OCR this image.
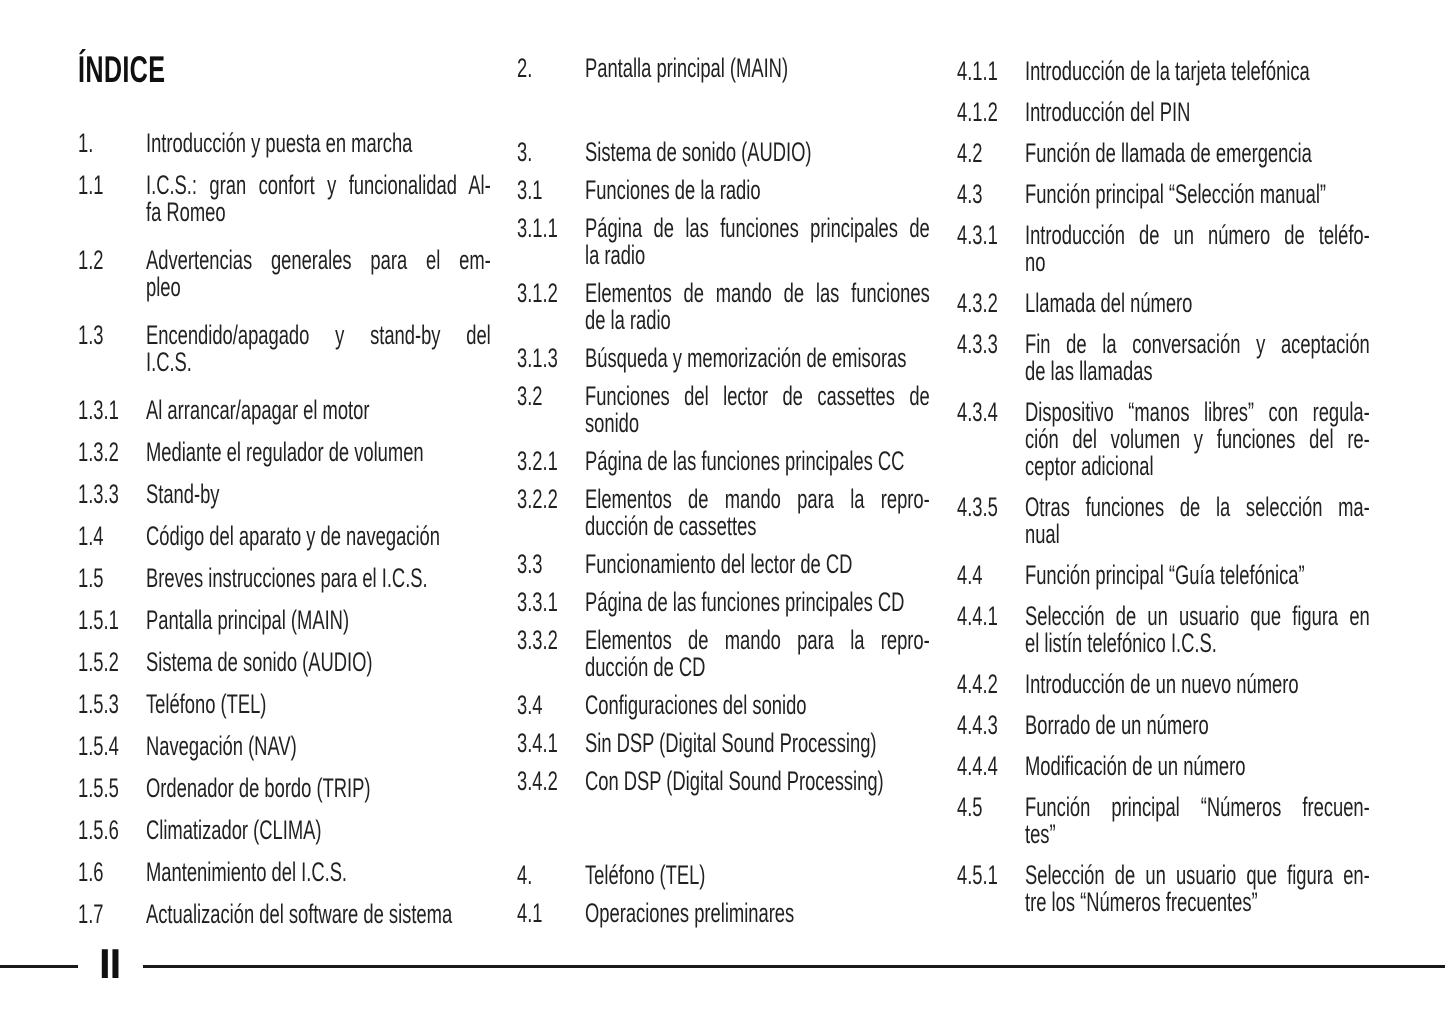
ÍNDICE
1.	Introducción y puesta en marcha
1.1	I.C.S.: gran confort y funcionalidad Al-
fa Romeo
1.2	Advertencias generales para el em-
pleo
1.3	Encendido/apagado y stand-by del
I.C.S.
1.3.1	Al arrancar/apagar el motor
1.3.2	Mediante el regulador de volumen
1.3.3	Stand-by
1.4	Código del aparato y de navegación
1.5	Breves instrucciones para el I.C.S.
1.5.1	Pantalla principal (MAIN)
1.5.2	Sistema de sonido (AUDIO)
1.5.3	Teléfono (TEL)
1.5.4	Navegación (NAV)
1.5.5	Ordenador de bordo (TRIP)
1.5.6	Climatizador (CLIMA)
1.6	Mantenimiento del I.C.S.
1.7	Actualización del software de sistema
2.	Pantalla principal (MAIN)
3.	Sistema de sonido (AUDIO)
3.1	Funciones de la radio
3.1.1	Página de las funciones principales de
la radio
3.1.2	Elementos de mando de las funciones
de la radio
3.1.3	Búsqueda y memorización de emisoras
3.2	Funciones del lector de cassettes de
sonido
3.2.1	Página de las funciones principales CC
3.2.2	Elementos de mando para la repro-
ducción de cassettes
3.3	Funcionamiento del lector de CD
3.3.1	Página de las funciones principales CD
3.3.2	Elementos de mando para la repro-
ducción de CD
3.4	Configuraciones del sonido
3.4.1	Sin DSP (Digital Sound Processing)
3.4.2	Con DSP (Digital Sound Processing)
4.	Teléfono (TEL)
4.1	Operaciones preliminares
4.1.1	Introducción de la tarjeta telefónica
4.1.2	Introducción del PIN
4.2	Función de llamada de emergencia
4.3	Función principal “Selección manual”
4.3.1	Introducción de un número de teléfo-
no
4.3.2	Llamada del número
4.3.3	Fin de la conversación y aceptación
de las llamadas
4.3.4	Dispositivo “manos libres” con regula-
ción del volumen y funciones del re-
ceptor adicional
4.3.5	Otras funciones de la selección ma-
nual
4.4	Función principal “Guía telefónica”
4.4.1	Selección de un usuario que figura en
el listín telefónico I.C.S.
4.4.2	Introducción de un nuevo número
4.4.3	Borrado de un número
4.4.4	Modificación de un número
4.5	Función principal “Números frecuen-
tes”
4.5.1	Selección de un usuario que figura en-
tre los “Números frecuentes”
II
